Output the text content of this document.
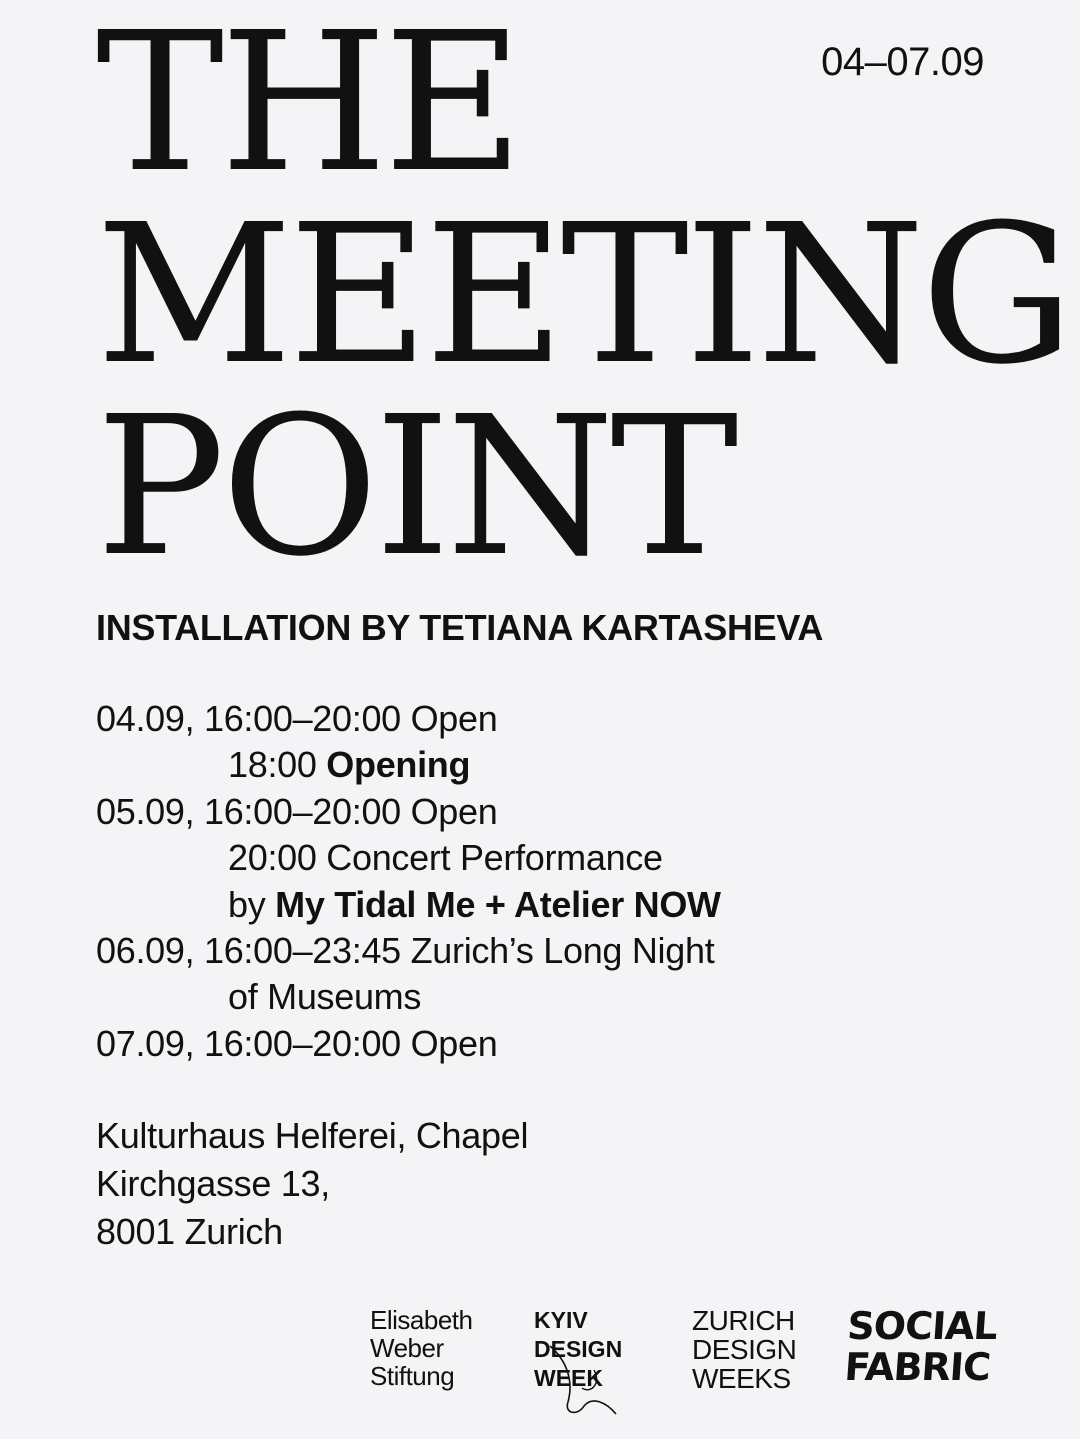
THE
MEETING
POINT
04–07.09
INSTALLATION BY TETIANA KARTASHEVA
04.09, 16:00–20:00 Open
18:00 Opening
05.09, 16:00–20:00 Open
20:00 Concert Performance
by My Tidal Me + Atelier NOW
06.09, 16:00–23:45 Zurich’s Long Night
of Museums
07.09, 16:00–20:00 Open
Kulturhaus Helferei, Chapel
Kirchgasse 13,
8001 Zurich
Elisabeth
Weber
Stiftung
KYIV
DESIGN
WEEK
ZURICH
DESIGN
WEEKS
SOCIAL
FABRIC
